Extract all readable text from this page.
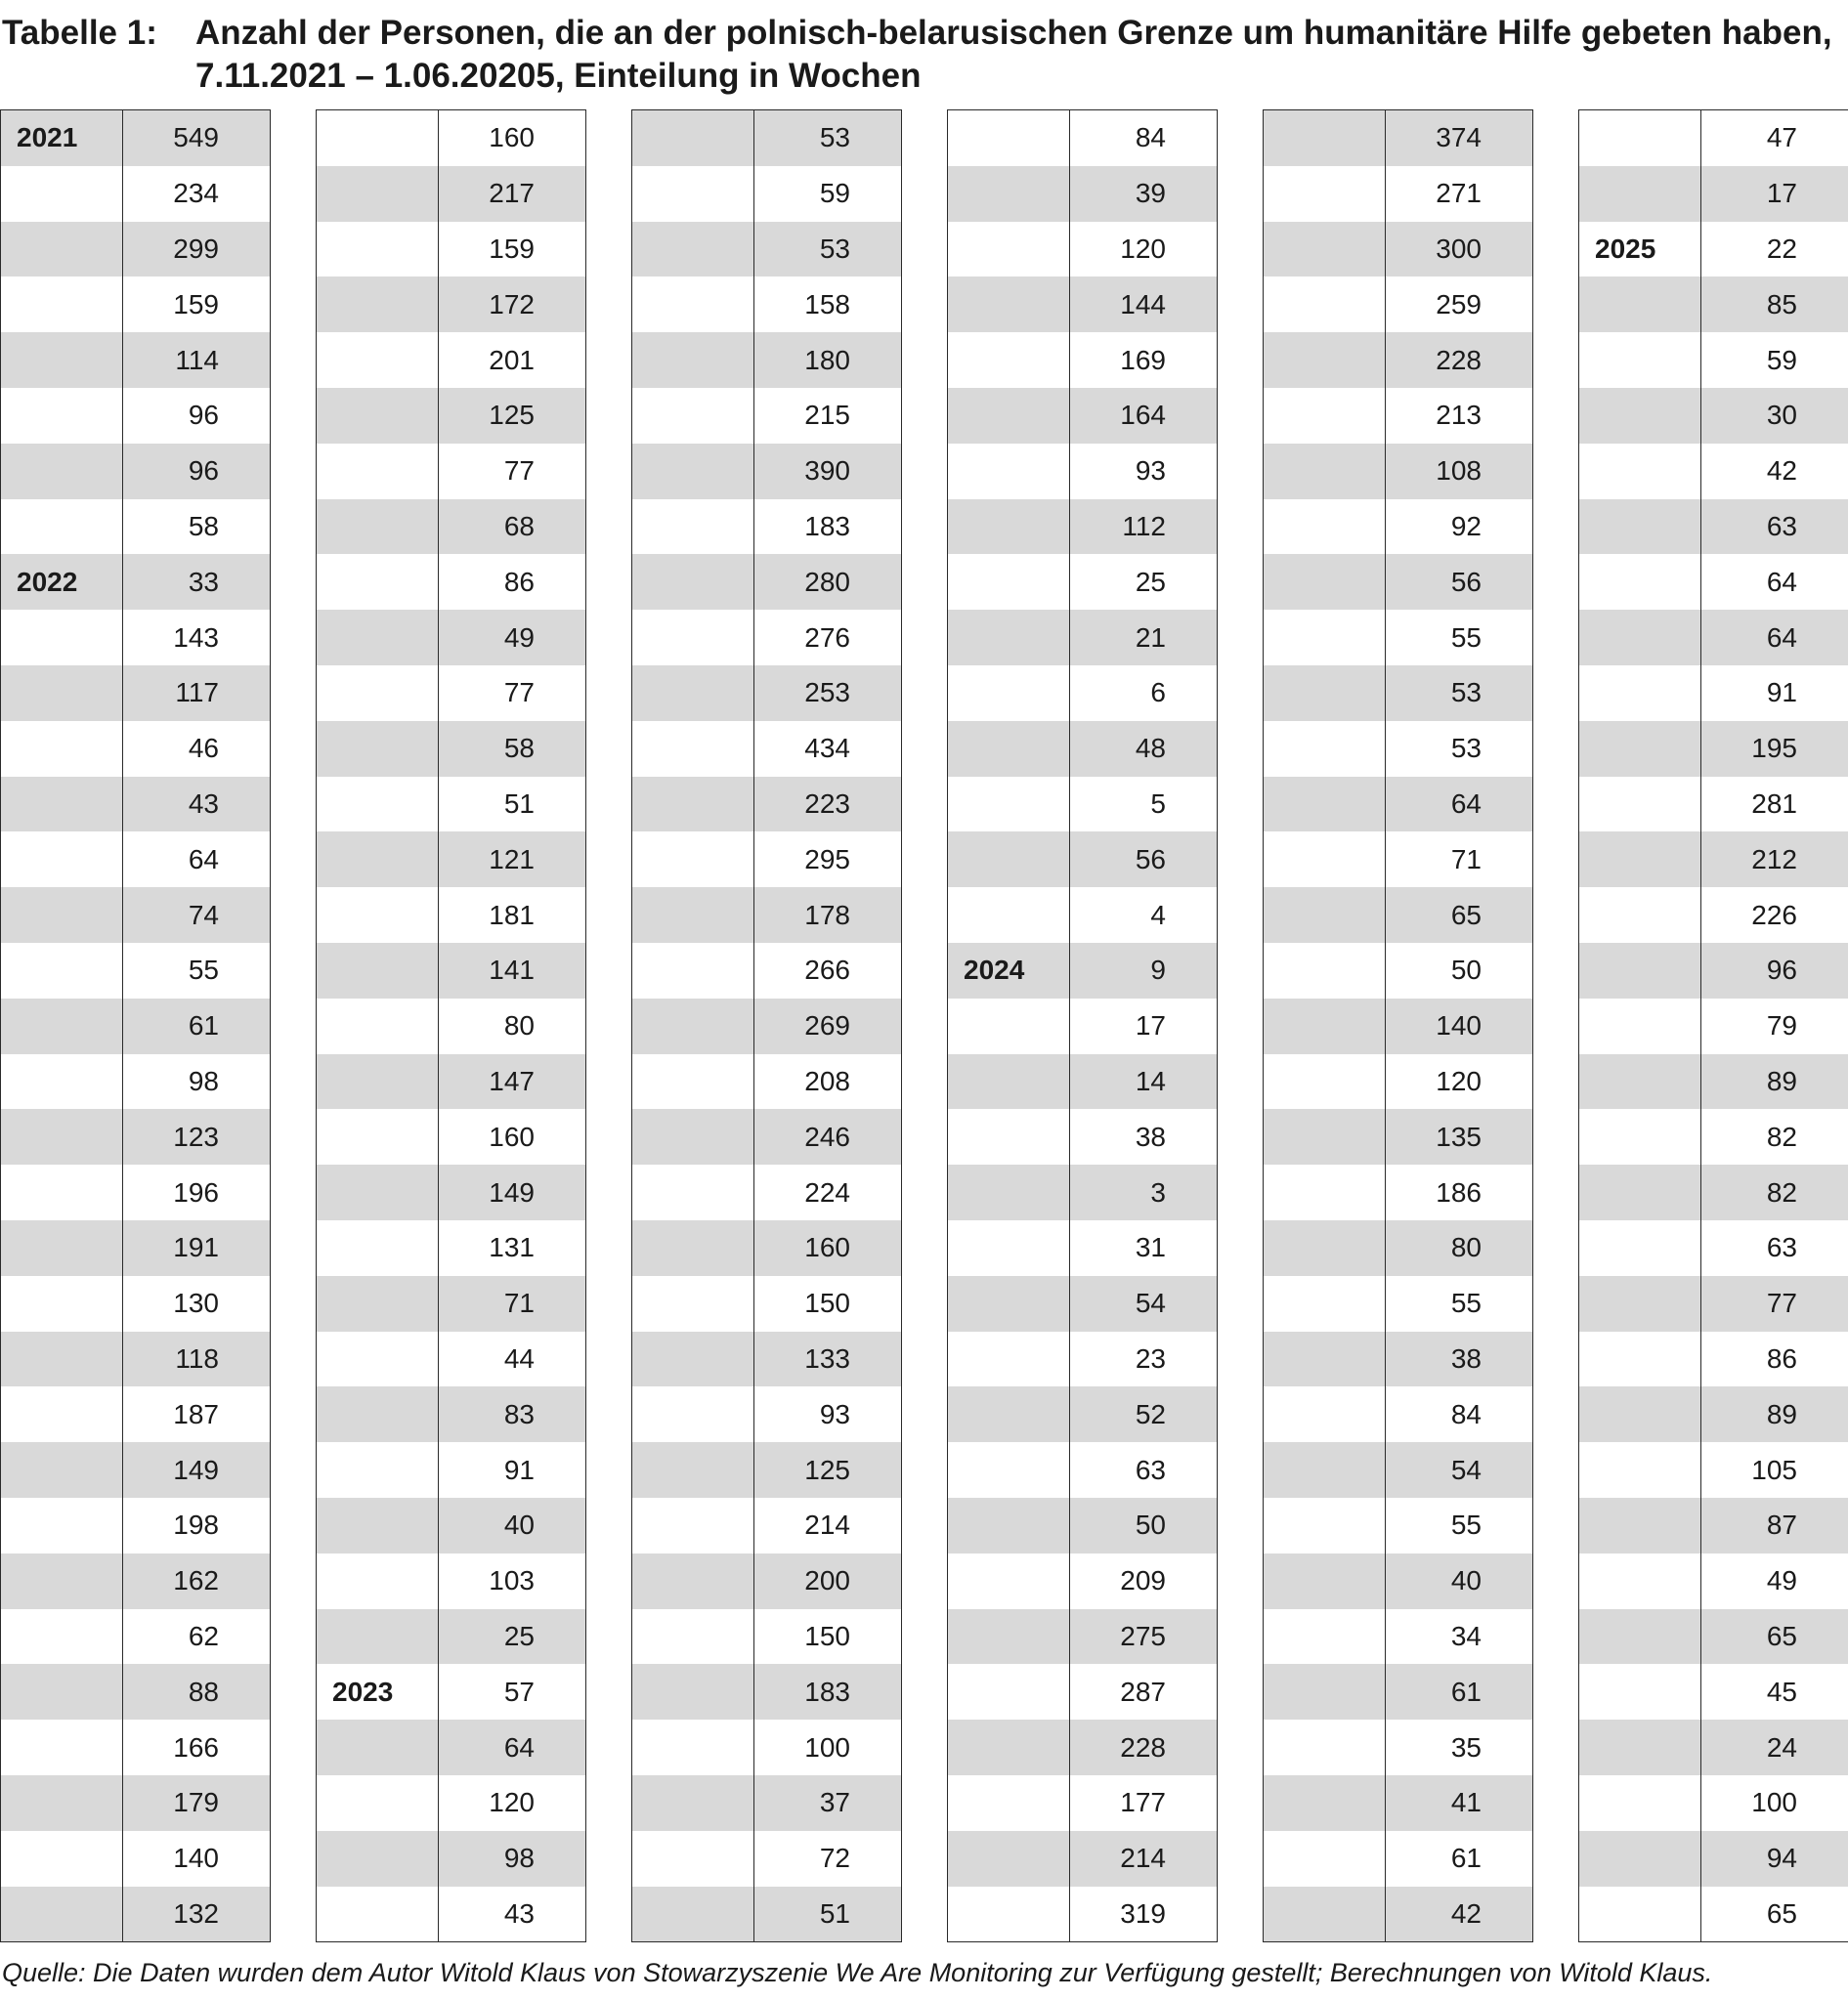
Tabelle 1: Anzahl der Personen, die an der polnisch-belarusischen Grenze um humanitäre Hilfe gebeten haben,
7.11.2021 – 1.06.20205, Einteilung in Wochen
2021	549
234
299
159
114
96
96
58
2022	33
143
117
46
43
64
74
55
61
98
123
196
191
130
118
187
149
198
162
62
88
166
179
140
132
160
217
159
172
201
125
77
68
86
49
77
58
51
121
181
141
80
147
160
149
131
71
44
83
91
40
103
25
2023	57
64
120
98
43
53
59
53
158
180
215
390
183
280
276
253
434
223
295
178
266
269
208
246
224
160
150
133
93
125
214
200
150
183
100
37
72
51
84
39
120
144
169
164
93
112
25
21
6
48
5
56
4
2024	9
17
14
38
3
31
54
23
52
63
50
209
275
287
228
177
214
319
374
271
300
259
228
213
108
92
56
55
53
53
64
71
65
50
140
120
135
186
80
55
38
84
54
55
40
34
61
35
41
61
42
47
17
2025	22
85
59
30
42
63
64
64
91
195
281
212
226
96
79
89
82
82
63
77
86
89
105
87
49
65
45
24
100
94
65
Quelle: Die Daten wurden dem Autor Witold Klaus von Stowarzyszenie We Are Monitoring zur Verfügung gestellt; Berechnungen von Witold Klaus.
